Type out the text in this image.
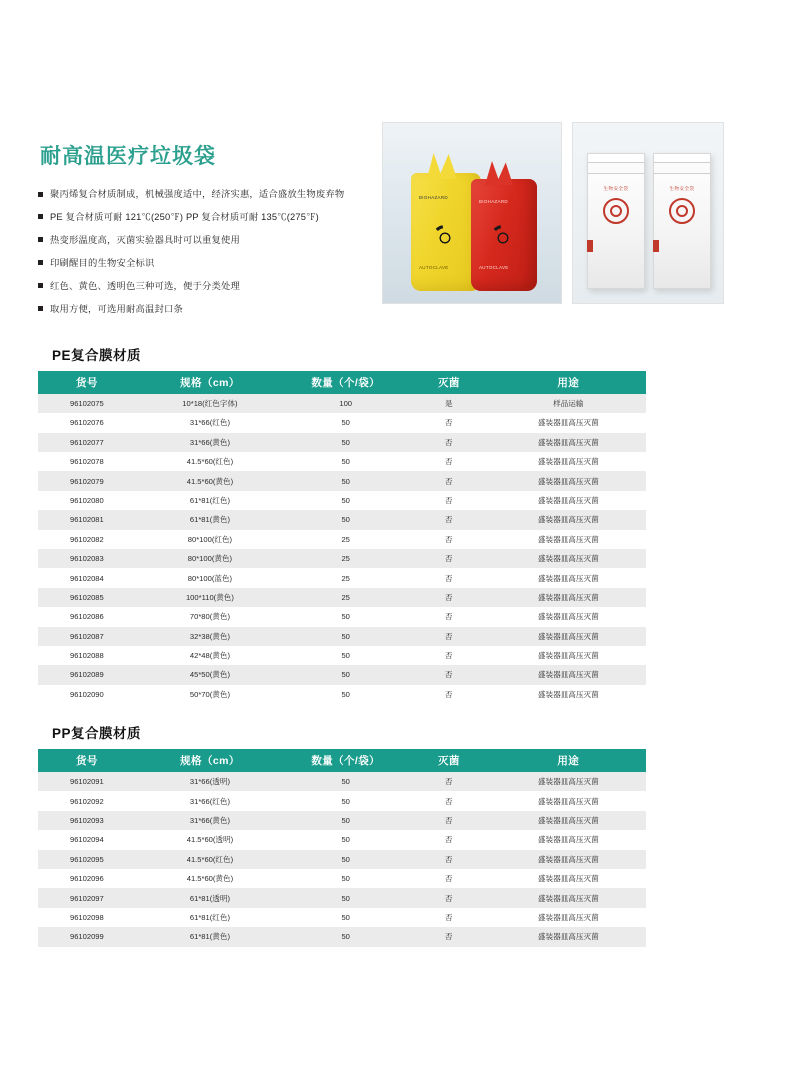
耐高温医疗垃圾袋
聚丙烯复合材质制成，机械强度适中，经济实惠，适合盛放生物废弃物
PE 复合材质可耐 121℃(250℉) PP 复合材质可耐 135℃(275℉)
热变形温度高，灭菌实验器具时可以重复使用
印刷醒目的生物安全标识
红色、黄色、透明色三种可选，便于分类处理
取用方便，可选用耐高温封口条
BIOHAZARD
AUTOCLAVE
BIOHAZARD
AUTOCLAVE
生物安全袋	生物安全袋
PE复合膜材质
货号	规格（cm）	数量（个/袋）	灭菌	用途	
96102075	10*18(红色字体)	100	是	样品运输	
96102076	31*66(红色)	50	否	盛装器皿高压灭菌	
96102077	31*66(黄色)	50	否	盛装器皿高压灭菌	
96102078	41.5*60(红色)	50	否	盛装器皿高压灭菌	
96102079	41.5*60(黄色)	50	否	盛装器皿高压灭菌	
96102080	61*81(红色)	50	否	盛装器皿高压灭菌	
96102081	61*81(黄色)	50	否	盛装器皿高压灭菌	
96102082	80*100(红色)	25	否	盛装器皿高压灭菌	
96102083	80*100(黄色)	25	否	盛装器皿高压灭菌	
96102084	80*100(蓝色)	25	否	盛装器皿高压灭菌	
96102085	100*110(黄色)	25	否	盛装器皿高压灭菌	
96102086	70*80(黄色)	50	否	盛装器皿高压灭菌	
96102087	32*38(黄色)	50	否	盛装器皿高压灭菌	
96102088	42*48(黄色)	50	否	盛装器皿高压灭菌	
96102089	45*50(黄色)	50	否	盛装器皿高压灭菌	
96102090	50*70(黄色)	50	否	盛装器皿高压灭菌	
PP复合膜材质
货号	规格（cm）	数量（个/袋）	灭菌	用途	
96102091	31*66(透明)	50	否	盛装器皿高压灭菌	
96102092	31*66(红色)	50	否	盛装器皿高压灭菌	
96102093	31*66(黄色)	50	否	盛装器皿高压灭菌	
96102094	41.5*60(透明)	50	否	盛装器皿高压灭菌	
96102095	41.5*60(红色)	50	否	盛装器皿高压灭菌	
96102096	41.5*60(黄色)	50	否	盛装器皿高压灭菌	
96102097	61*81(透明)	50	否	盛装器皿高压灭菌	
96102098	61*81(红色)	50	否	盛装器皿高压灭菌	
96102099	61*81(黄色)	50	否	盛装器皿高压灭菌	
